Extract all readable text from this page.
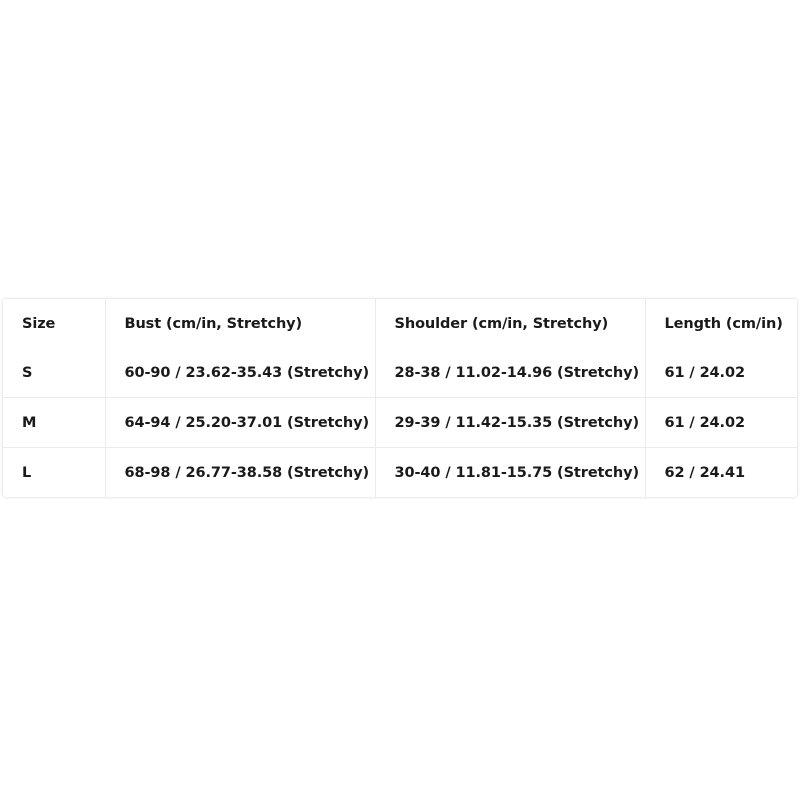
Size	Bust (cm/in, Stretchy)	Shoulder (cm/in, Stretchy)	Length (cm/in)
S	60-90 / 23.62-35.43 (Stretchy)	28-38 / 11.02-14.96 (Stretchy)	61 / 24.02
M	64-94 / 25.20-37.01 (Stretchy)	29-39 / 11.42-15.35 (Stretchy)	61 / 24.02
L	68-98 / 26.77-38.58 (Stretchy)	30-40 / 11.81-15.75 (Stretchy)	62 / 24.41
